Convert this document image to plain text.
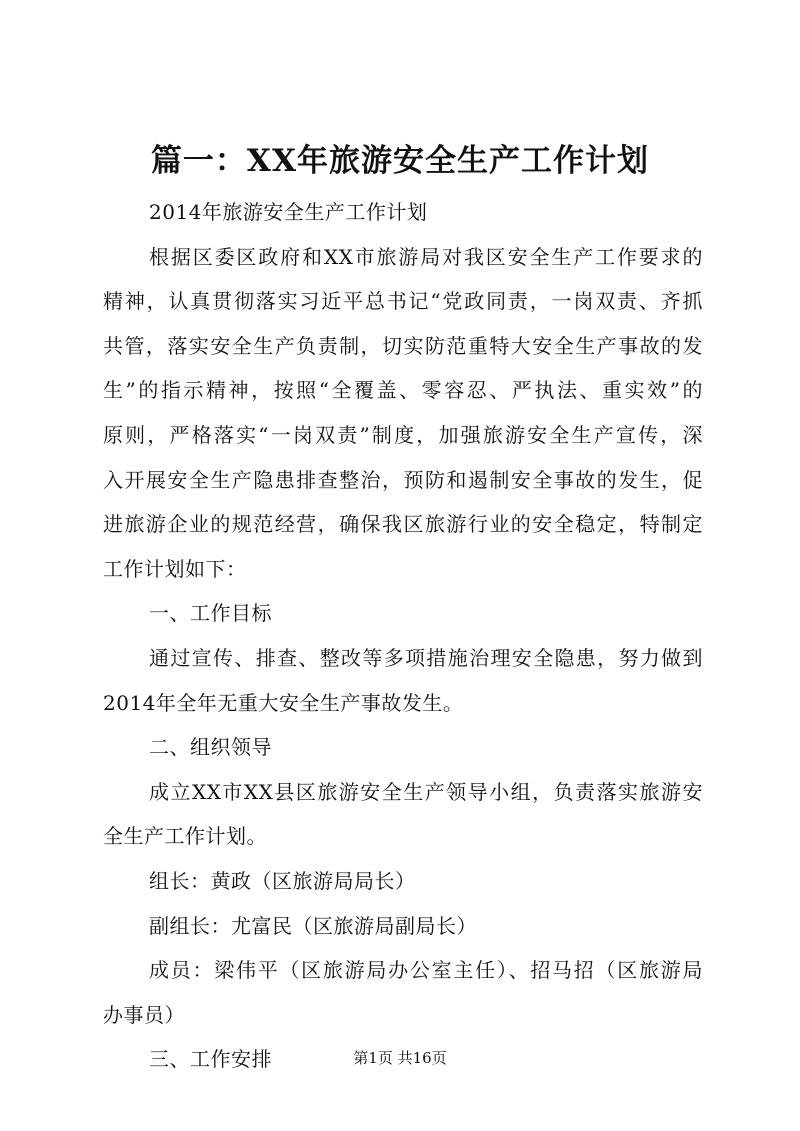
篇一：XX年旅游安全生产工作计划
2014年旅游安全生产工作计划
根据区委区政府和XX市旅游局对我区安全生产工作要求的
精神，认真贯彻落实习近平总书记“党政同责，一岗双责、齐抓
共管，落实安全生产负责制，切实防范重特大安全生产事故的发
生”的指示精神，按照“全覆盖、零容忍、严执法、重实效”的
原则，严格落实“一岗双责”制度，加强旅游安全生产宣传，深
入开展安全生产隐患排查整治，预防和遏制安全事故的发生，促
进旅游企业的规范经营，确保我区旅游行业的安全稳定，特制定
工作计划如下：
一、工作目标
通过宣传、排查、整改等多项措施治理安全隐患，努力做到
2014年全年无重大安全生产事故发生。
二、组织领导
成立XX市XX县区旅游安全生产领导小组，负责落实旅游安
全生产工作计划。
组长：黄政（区旅游局局长）
副组长：尤富民（区旅游局副局长）
成员：梁伟平（区旅游局办公室主任）、招马招（区旅游局
办事员）
三、工作安排	第1页 共16页
